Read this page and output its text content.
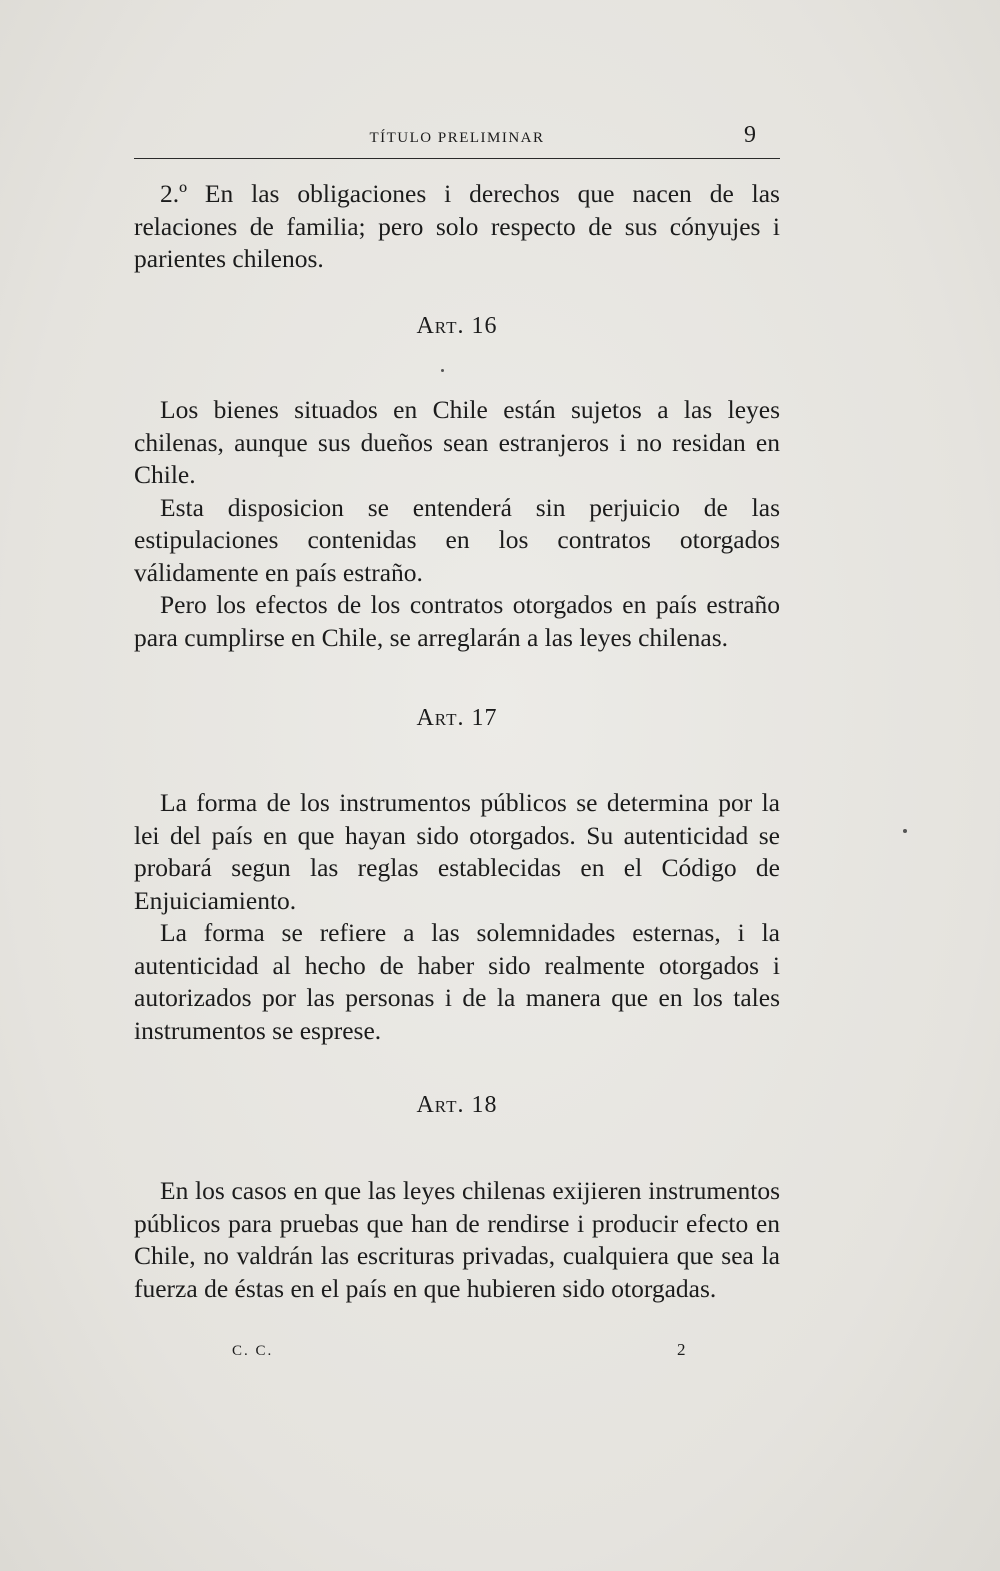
TÍTULO PRELIMINAR	9

2.º En las obligaciones i derechos que nacen de las relaciones de familia; pero solo respecto de sus cónyujes i parientes chilenos.

Art. 16

Los bienes situados en Chile están sujetos a las leyes chilenas, aunque sus dueños sean estranjeros i no residan en Chile.

Esta disposicion se entenderá sin perjuicio de las estipulaciones contenidas en los contratos otorgados válidamente en país estraño.

Pero los efectos de los contratos otorgados en país estraño para cumplirse en Chile, se arreglarán a las leyes chilenas.

Art. 17

La forma de los instrumentos públicos se determina por la lei del país en que hayan sido otorgados. Su autenticidad se probará segun las reglas establecidas en el Código de Enjuiciamiento.

La forma se refiere a las solemnidades esternas, i la autenticidad al hecho de haber sido realmente otorgados i autorizados por las personas i de la manera que en los tales instrumentos se esprese.

Art. 18

En los casos en que las leyes chilenas exijieren instrumentos públicos para pruebas que han de rendirse i producir efecto en Chile, no valdrán las escrituras privadas, cualquiera que sea la fuerza de éstas en el país en que hubieren sido otorgadas.

C. C.	2
